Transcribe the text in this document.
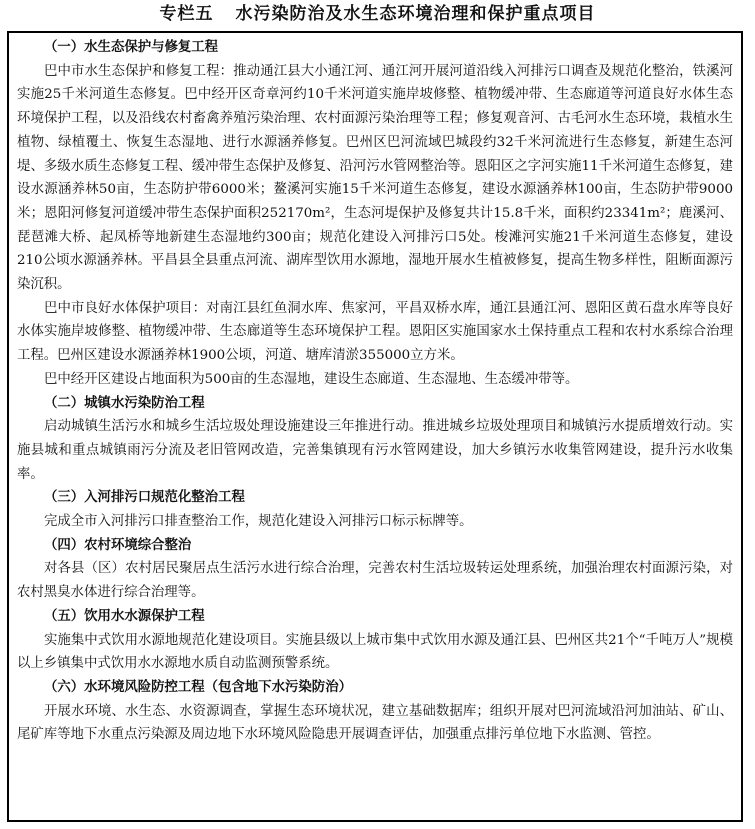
专栏五 水污染防治及水生态环境治理和保护重点项目
（一）水生态保护与修复工程

巴中市水生态保护和修复工程：推动通江县大小通江河、通江河开展河道沿线入河排污口调查及规范化整治，铁溪河实施25千米河道生态修复。巴中经开区奇章河约10千米河道实施岸坡修整、植物缓冲带、生态廊道等河道良好水体生态环境保护工程，以及沿线农村畜禽养殖污染治理、农村面源污染治理等工程；修复观音河、古毛河水生态环境，栽植水生植物、绿植覆土、恢复生态湿地、进行水源涵养修复。巴州区巴河流域巴城段约32千米河流进行生态修复，新建生态河堤、多级水质生态修复工程、缓冲带生态保护及修复、沿河污水管网整治等。恩阳区之字河实施11千米河道生态修复，建设水源涵养林50亩，生态防护带6000米；鳌溪河实施15千米河道生态修复，建设水源涵养林100亩，生态防护带9000米；恩阳河修复河道缓冲带生态保护面积252170m²，生态河堤保护及修复共计15.8千米，面积约23341m²；鹿溪河、琵琶滩大桥、起凤桥等地新建生态湿地约300亩；规范化建设入河排污口5处。梭滩河实施21千米河道生态修复，建设210公顷水源涵养林。平昌县全县重点河流、湖库型饮用水源地，湿地开展水生植被修复，提高生物多样性，阻断面源污染沉积。

巴中市良好水体保护项目：对南江县红鱼洞水库、焦家河，平昌双桥水库，通江县通江河、恩阳区黄石盘水库等良好水体实施岸坡修整、植物缓冲带、生态廊道等生态环境保护工程。恩阳区实施国家水土保持重点工程和农村水系综合治理工程。巴州区建设水源涵养林1900公顷，河道、塘库清淤355000立方米。

巴中经开区建设占地面积为500亩的生态湿地，建设生态廊道、生态湿地、生态缓冲带等。

（二）城镇水污染防治工程

启动城镇生活污水和城乡生活垃圾处理设施建设三年推进行动。推进城乡垃圾处理项目和城镇污水提质增效行动。实施县城和重点城镇雨污分流及老旧管网改造，完善集镇现有污水管网建设，加大乡镇污水收集管网建设，提升污水收集率。

（三）入河排污口规范化整治工程

完成全市入河排污口排查整治工作，规范化建设入河排污口标示标牌等。

（四）农村环境综合整治

对各县（区）农村居民聚居点生活污水进行综合治理，完善农村生活垃圾转运处理系统，加强治理农村面源污染，对农村黑臭水体进行综合治理等。

（五）饮用水水源保护工程

实施集中式饮用水源地规范化建设项目。实施县级以上城市集中式饮用水源及通江县、巴州区共21个“千吨万人”规模以上乡镇集中式饮用水水源地水质自动监测预警系统。

（六）水环境风险防控工程（包含地下水污染防治）

开展水环境、水生态、水资源调查，掌握生态环境状况，建立基础数据库；组织开展对巴河流域沿河加油站、矿山、尾矿库等地下水重点污染源及周边地下水环境风险隐患开展调查评估，加强重点排污单位地下水监测、管控。
